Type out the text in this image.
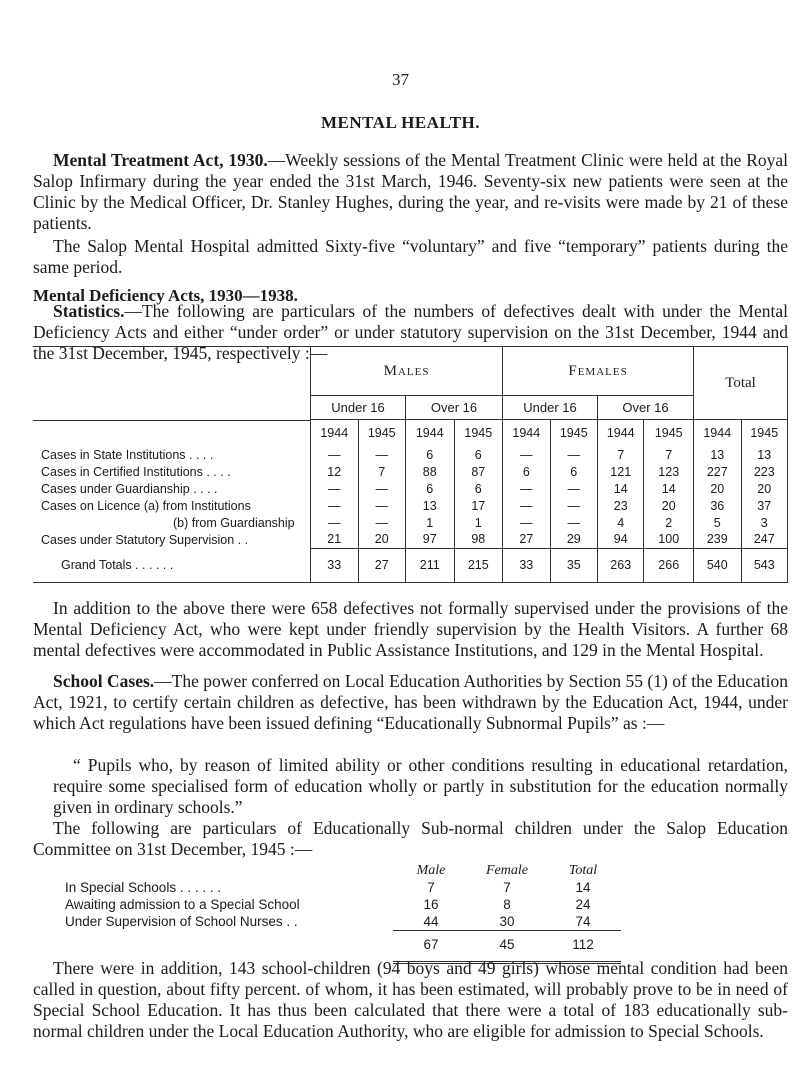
37
MENTAL HEALTH.

Mental Treatment Act, 1930.—Weekly sessions of the Mental Treatment Clinic were held at the Royal Salop Infirmary during the year ended the 31st March, 1946. Seventy-six new patients were seen at the Clinic by the Medical Officer, Dr. Stanley Hughes, during the year, and re-visits were made by 21 of these patients.

The Salop Mental Hospital admitted Sixty-five “voluntary” and five “temporary” patients during the same period.

Mental Deficiency Acts, 1930—1938.

Statistics.—The following are particulars of the numbers of defectives dealt with under the Mental Deficiency Acts and either “under order” or under statutory supervision on the 31st December, 1944 and the 31st December, 1945, respectively :—

	Males				Females				Total	
	Under 16		Over 16		Under 16		Over 16			

	1944	1945	1944	1945	1944	1945	1944	1945	1944	1945
Cases in State Institutions . . . .	—	—	6	6	—	—	7	7	13	13
Cases in Certified Institutions . . . .	12	7	88	87	6	6	121	123	227	223
Cases under Guardianship . . . .	—	—	6	6	—	—	14	14	20	20
Cases on Licence (a) from Institutions	—	—	13	17	—	—	23	20	36	37
(b) from Guardianship	—	—	1	1	—	—	4	2	5	3
Cases under Statutory Supervision . .	21	20	97	98	27	29	94	100	239	247
Grand Totals . . . . . .	33	27	211	215	33	35	263	266	540	543

In addition to the above there were 658 defectives not formally supervised under the provisions of the Mental Deficiency Act, who were kept under friendly supervision by the Health Visitors. A further 68 mental defectives were accommodated in Public Assistance Institutions, and 129 in the Mental Hospital.

School Cases.—The power conferred on Local Education Authorities by Section 55 (1) of the Education Act, 1921, to certify certain children as defective, has been withdrawn by the Education Act, 1944, under which Act regulations have been issued defining “Educationally Subnormal Pupils” as :—

“ Pupils who, by reason of limited ability or other conditions resulting in educational retardation, require some specialised form of education wholly or partly in substitution for the education normally given in ordinary schools.”

The following are particulars of Educationally Sub-normal children under the Salop Education Committee on 31st December, 1945 :—

	Male	Female	Total
In Special Schools . . . . . .	7	7	14
Awaiting admission to a Special School	16	8	24
Under Supervision of School Nurses . .	44	30	74
	67	45	112

There were in addition, 143 school-children (94 boys and 49 girls) whose mental condition had been called in question, about fifty percent. of whom, it has been estimated, will probably prove to be in need of Special School Education. It has thus been calculated that there were a total of 183 educationally sub-normal children under the Local Education Authority, who are eligible for admission to Special Schools.
